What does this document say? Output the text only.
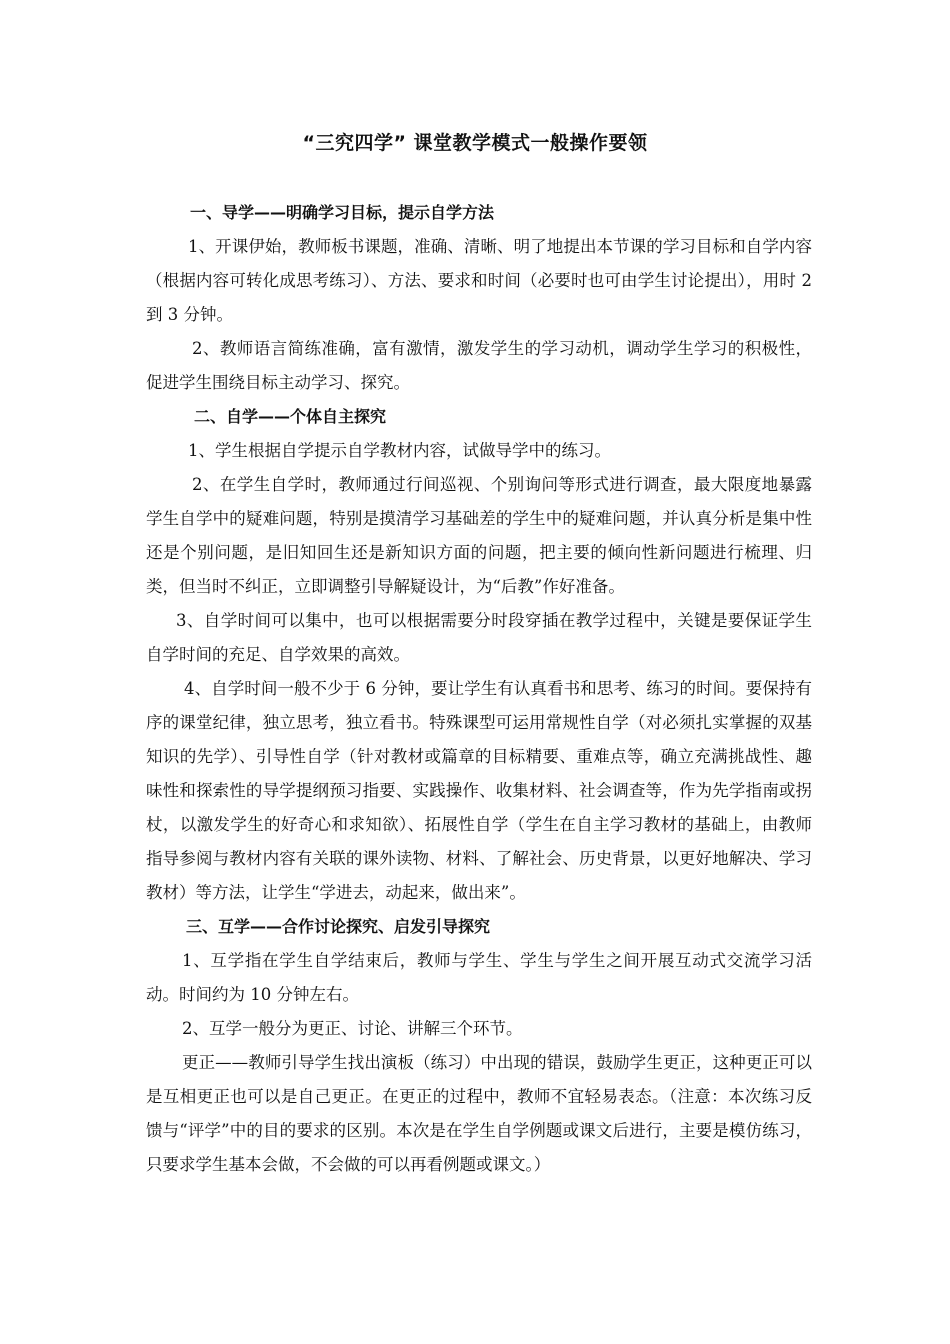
“三究四学” 课堂教学模式一般操作要领

一、导学——明确学习目标，提示自学方法

1、开课伊始，教师板书课题，准确、清晰、明了地提出本节课的学习目标和自学内容（根据内容可转化成思考练习）、方法、要求和时间（必要时也可由学生讨论提出），用时 2 到 3 分钟。

2、教师语言简练准确，富有激情，激发学生的学习动机，调动学生学习的积极性，促进学生围绕目标主动学习、探究。

二、自学——个体自主探究

1、学生根据自学提示自学教材内容，试做导学中的练习。

2、在学生自学时，教师通过行间巡视、个别询问等形式进行调查，最大限度地暴露学生自学中的疑难问题，特别是摸清学习基础差的学生中的疑难问题，并认真分析是集中性还是个别问题，是旧知回生还是新知识方面的问题，把主要的倾向性新问题进行梳理、归类，但当时不纠正，立即调整引导解疑设计，为“后教”作好准备。

3、自学时间可以集中，也可以根据需要分时段穿插在教学过程中，关键是要保证学生自学时间的充足、自学效果的高效。

4、自学时间一般不少于 6 分钟，要让学生有认真看书和思考、练习的时间。要保持有序的课堂纪律，独立思考，独立看书。特殊课型可运用常规性自学（对必须扎实掌握的双基知识的先学）、引导性自学（针对教材或篇章的目标精要、重难点等，确立充满挑战性、趣味性和探索性的导学提纲预习指要、实践操作、收集材料、社会调查等，作为先学指南或拐杖，以激发学生的好奇心和求知欲）、拓展性自学（学生在自主学习教材的基础上，由教师指导参阅与教材内容有关联的课外读物、材料、了解社会、历史背景，以更好地解决、学习教材）等方法，让学生“学进去，动起来，做出来”。

三、互学——合作讨论探究、启发引导探究

1、互学指在学生自学结束后，教师与学生、学生与学生之间开展互动式交流学习活动。时间约为 10 分钟左右。

2、互学一般分为更正、讨论、讲解三个环节。

更正——教师引导学生找出演板（练习）中出现的错误，鼓励学生更正，这种更正可以是互相更正也可以是自己更正。在更正的过程中，教师不宜轻易表态。（注意：本次练习反馈与“评学”中的目的要求的区别。本次是在学生自学例题或课文后进行，主要是模仿练习，只要求学生基本会做，不会做的可以再看例题或课文。）
